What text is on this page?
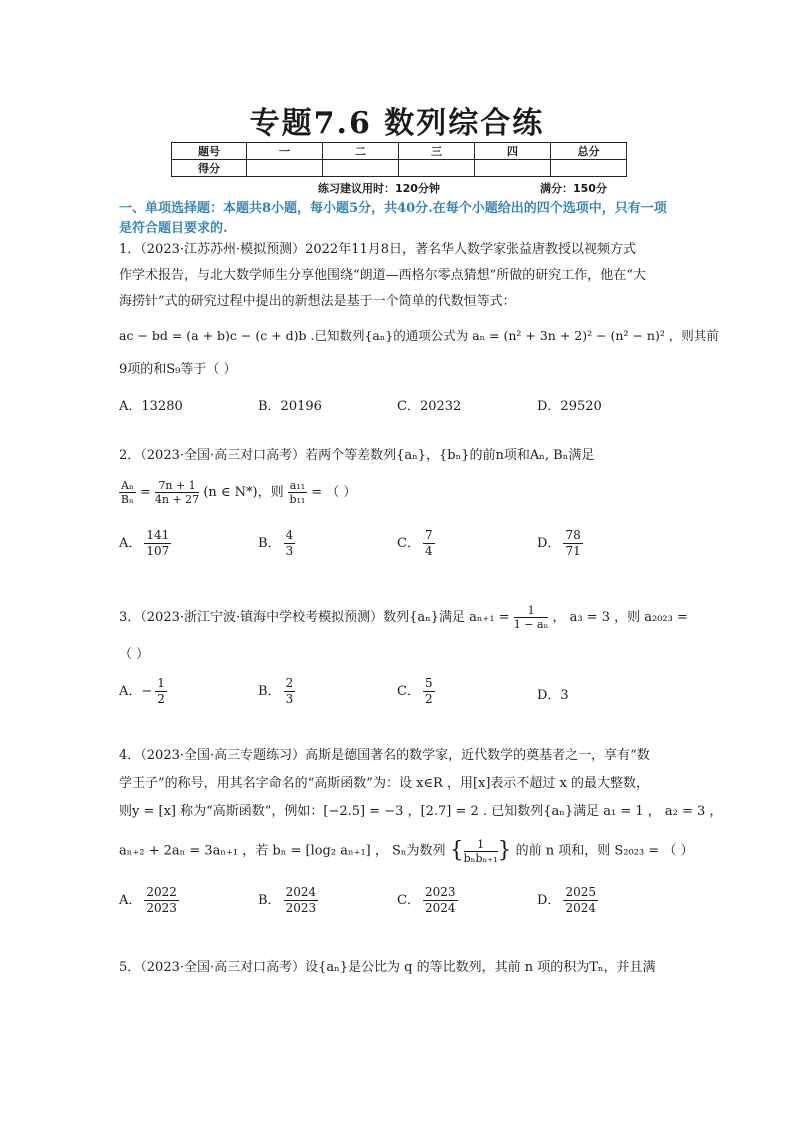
专题7.6 数列综合练
题号	一	二	三	四	总分
得分					
练习建议用时：120分钟	满分：150分
一、单项选择题：本题共8小题，每小题5分，共40分.在每个小题给出的四个选项中，只有一项是符合题目要求的.
1．（2023·江苏苏州·模拟预测）2022年11月8日，著名华人数学家张益唐教授以视频方式
作学术报告，与北大数学师生分享他围绕“朗道—西格尔零点猜想”所做的研究工作，他在“大
海捞针”式的研究过程中提出的新想法是基于一个简单的代数恒等式：
ac − bd = (a + b)c − (c + d)b .已知数列{aₙ}的通项公式为 aₙ = (n² + 3n + 2)² − (n² − n)² ，则其前
9项的和S₉等于（ ）
A．13280	B．20196	C．20232	D．29520
2．（2023·全国·高三对口高考）若两个等差数列{aₙ}，{bₙ}的前n项和Aₙ, Bₙ满足
$\frac{\text{Aₙ}}{\text{Bₙ}} = \frac{7n + 1}{4n + 27} (n$ ∈ N*)，则 $\frac{\text{a₁₁}}{\text{b₁₁}}$ = （ ）
A． $\frac{141}{107}$	B． $\frac{4}{3}$	C． $\frac{7}{4}$	D． $\frac{78}{71}$
3．（2023·浙江宁波·镇海中学校考模拟预测）数列{aₙ}满足 $a_{n+1} = \frac{1}{\text{1 − aₙ}}$ ， a₃ = 3 ，则 a₂₀₂₃ =
（ ）
A．− $\frac{1}{2}$	B． $\frac{2}{3}$	C． $\frac{5}{2}$	D．3
4．（2023·全国·高三专题练习）高斯是德国著名的数学家，近代数学的奠基者之一，享有“数
学王子”的称号，用其名字命名的“高斯函数”为：设 x∈R ，用[x]表示不超过 x 的最大整数，
则y = [x] 称为“高斯函数”，例如：[−2.5] = −3 ，[2.7] = 2 . 已知数列{aₙ}满足 a₁ = 1 ， a₂ = 3 ，
aₙ₊₂ + 2aₙ = 3aₙ₊₁ ，若 bₙ = [log₂ aₙ₊₁] ， Sₙ为数列 {	1
bₙbₙ₊₁ } 的前 n 项和，则 S₂₀₂₃ = （ ）
A． $\frac{2022}{2023}$	B． $\frac{2024}{2023}$	C． $\frac{2023}{2024}$	D． $\frac{2025}{2024}$
5．（2023·全国·高三对口高考）设{aₙ}是公比为 q 的等比数列，其前 n 项的积为Tₙ，并且满
